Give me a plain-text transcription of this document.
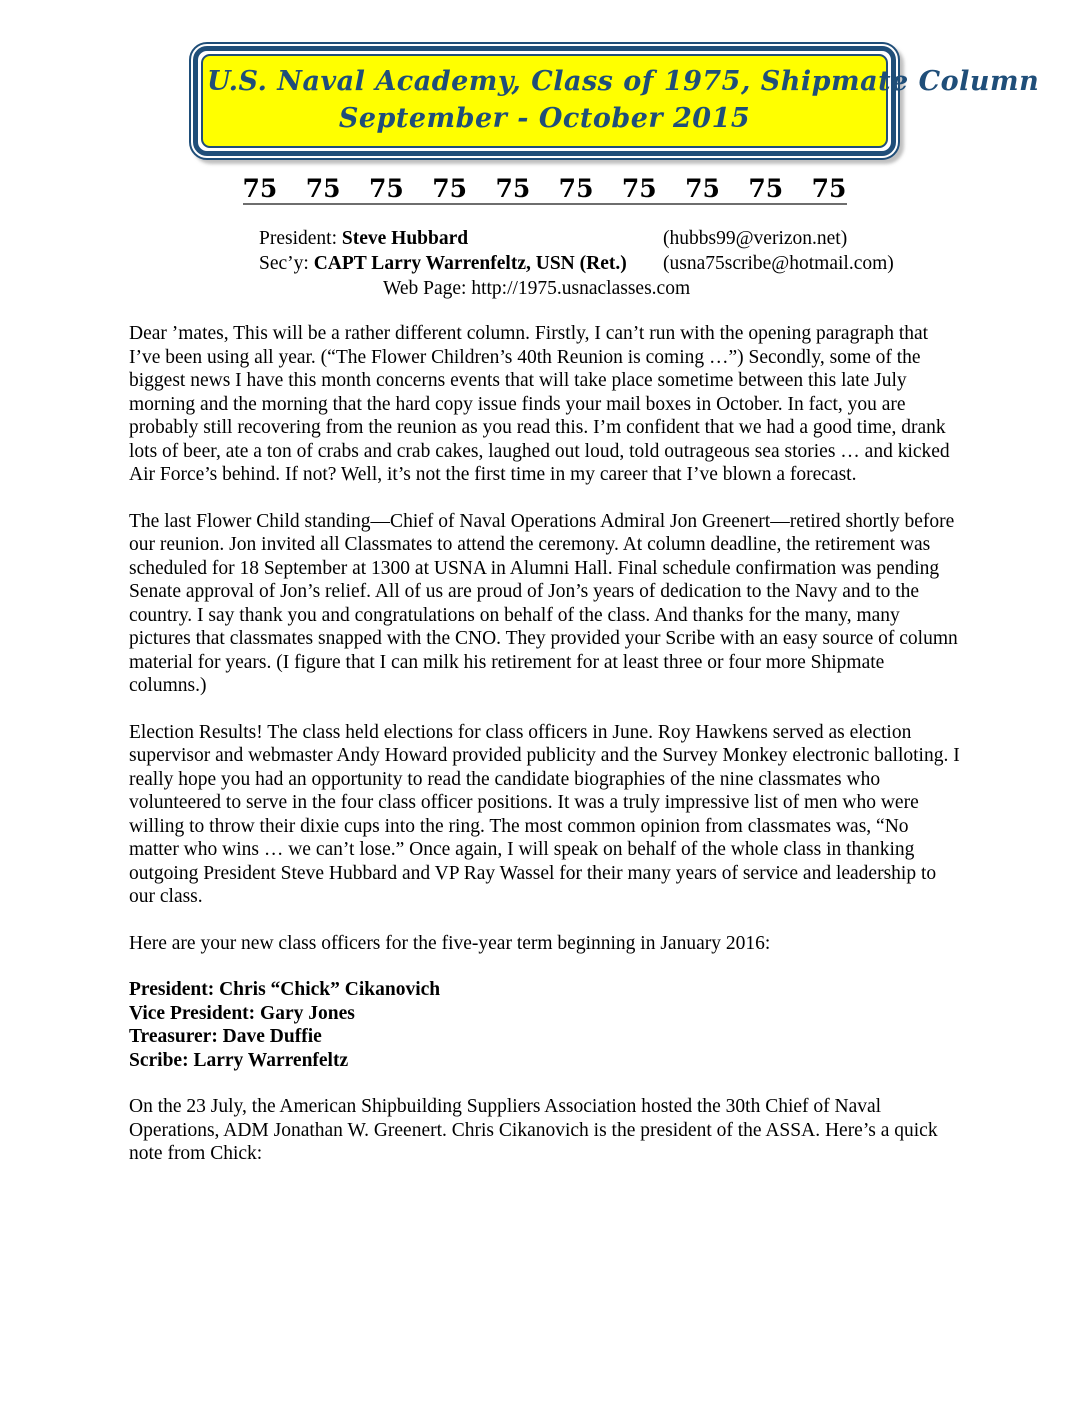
U.S. Naval Academy, Class of 1975, Shipmate Column
September - October 2015
75 75 75 75 75 75 75 75 75 75
President: Steve Hubbard	(hubbs99@verizon.net)
Sec’y: CAPT Larry Warrenfeltz, USN (Ret.) (usna75scribe@hotmail.com)
Web Page: http://1975.usnaclasses.com

Dear ’mates, This will be a rather different column. Firstly, I can’t run with the opening paragraph that I’ve been using all year. (“The Flower Children’s 40th Reunion is coming …”) Secondly, some of the biggest news I have this month concerns events that will take place sometime between this late July morning and the morning that the hard copy issue finds your mail boxes in October. In fact, you are probably still recovering from the reunion as you read this. I’m confident that we had a good time, drank lots of beer, ate a ton of crabs and crab cakes, laughed out loud, told outrageous sea stories … and kicked Air Force’s behind. If not? Well, it’s not the first time in my career that I’ve blown a forecast.

The last Flower Child standing—Chief of Naval Operations Admiral Jon Greenert—retired shortly before our reunion. Jon invited all Classmates to attend the ceremony. At column deadline, the retirement was scheduled for 18 September at 1300 at USNA in Alumni Hall. Final schedule confirmation was pending Senate approval of Jon’s relief. All of us are proud of Jon’s years of dedication to the Navy and to the country. I say thank you and congratulations on behalf of the class. And thanks for the many, many pictures that classmates snapped with the CNO. They provided your Scribe with an easy source of column material for years. (I figure that I can milk his retirement for at least three or four more Shipmate columns.)

Election Results! The class held elections for class officers in June. Roy Hawkens served as election supervisor and webmaster Andy Howard provided publicity and the Survey Monkey electronic balloting. I really hope you had an opportunity to read the candidate biographies of the nine classmates who volunteered to serve in the four class officer positions. It was a truly impressive list of men who were willing to throw their dixie cups into the ring. The most common opinion from classmates was, “No matter who wins … we can’t lose.” Once again, I will speak on behalf of the whole class in thanking outgoing President Steve Hubbard and VP Ray Wassel for their many years of service and leadership to our class.

Here are your new class officers for the five-year term beginning in January 2016:

President: Chris “Chick” Cikanovich
Vice President: Gary Jones
Treasurer: Dave Duffie
Scribe: Larry Warrenfeltz

On the 23 July, the American Shipbuilding Suppliers Association hosted the 30th Chief of Naval Operations, ADM Jonathan W. Greenert. Chris Cikanovich is the president of the ASSA. Here’s a quick note from Chick:
